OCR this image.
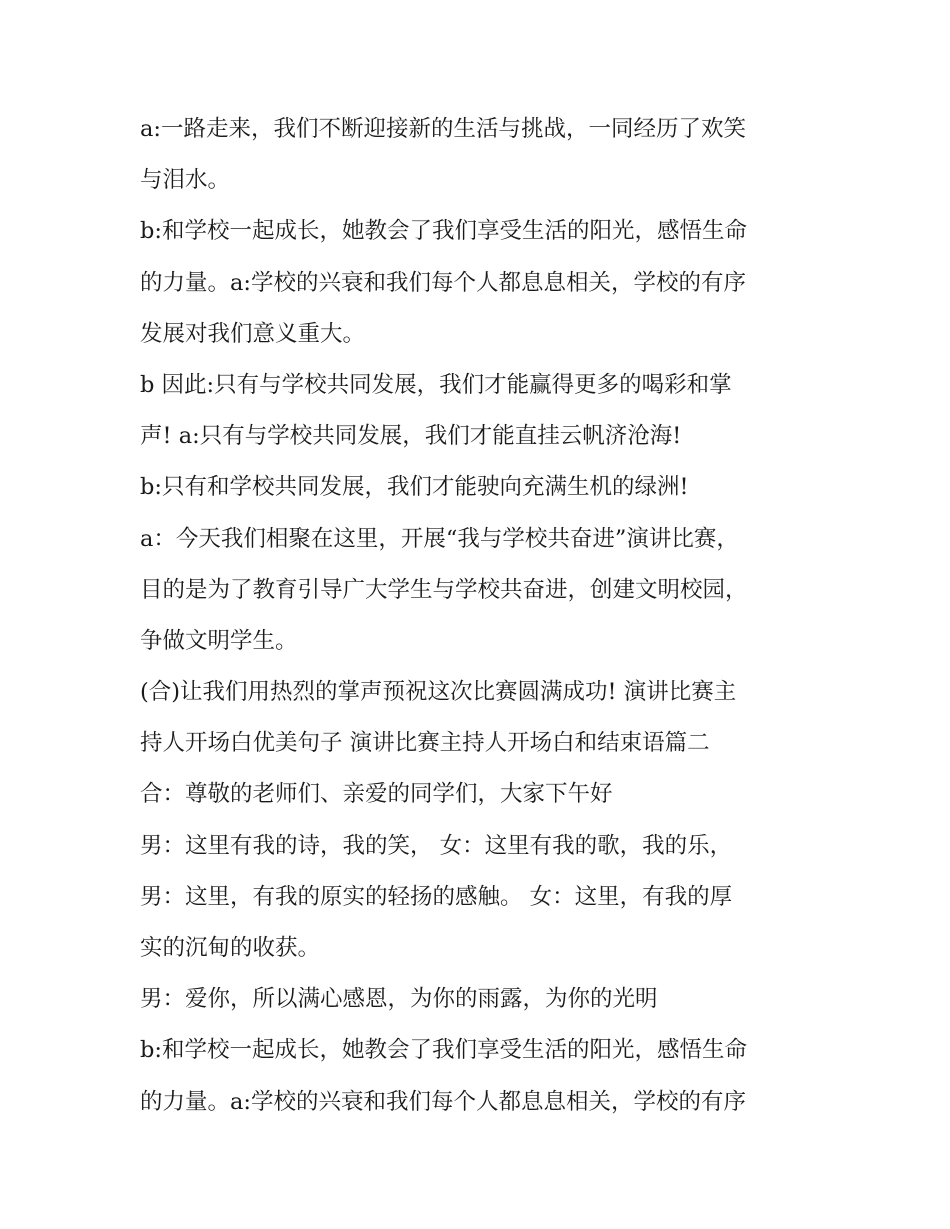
a:一路走来，我们不断迎接新的生活与挑战，一同经历了欢笑
与泪水。
b:和学校一起成长，她教会了我们享受生活的阳光，感悟生命
的力量。a:学校的兴衰和我们每个人都息息相关，学校的有序
发展对我们意义重大。
b 因此:只有与学校共同发展，我们才能赢得更多的喝彩和掌
声! a:只有与学校共同发展，我们才能直挂云帆济沧海!
b:只有和学校共同发展，我们才能驶向充满生机的绿洲!
a：今天我们相聚在这里，开展“我与学校共奋进”演讲比赛，
目的是为了教育引导广大学生与学校共奋进，创建文明校园，
争做文明学生。
(合)让我们用热烈的掌声预祝这次比赛圆满成功! 演讲比赛主
持人开场白优美句子 演讲比赛主持人开场白和结束语篇二
合：尊敬的老师们、亲爱的同学们，大家下午好
男：这里有我的诗，我的笑， 女：这里有我的歌，我的乐，
男：这里，有我的原实的轻扬的感触。 女：这里，有我的厚
实的沉甸的收获。
男：爱你，所以满心感恩，为你的雨露，为你的光明
b:和学校一起成长，她教会了我们享受生活的阳光，感悟生命
的力量。a:学校的兴衰和我们每个人都息息相关，学校的有序
